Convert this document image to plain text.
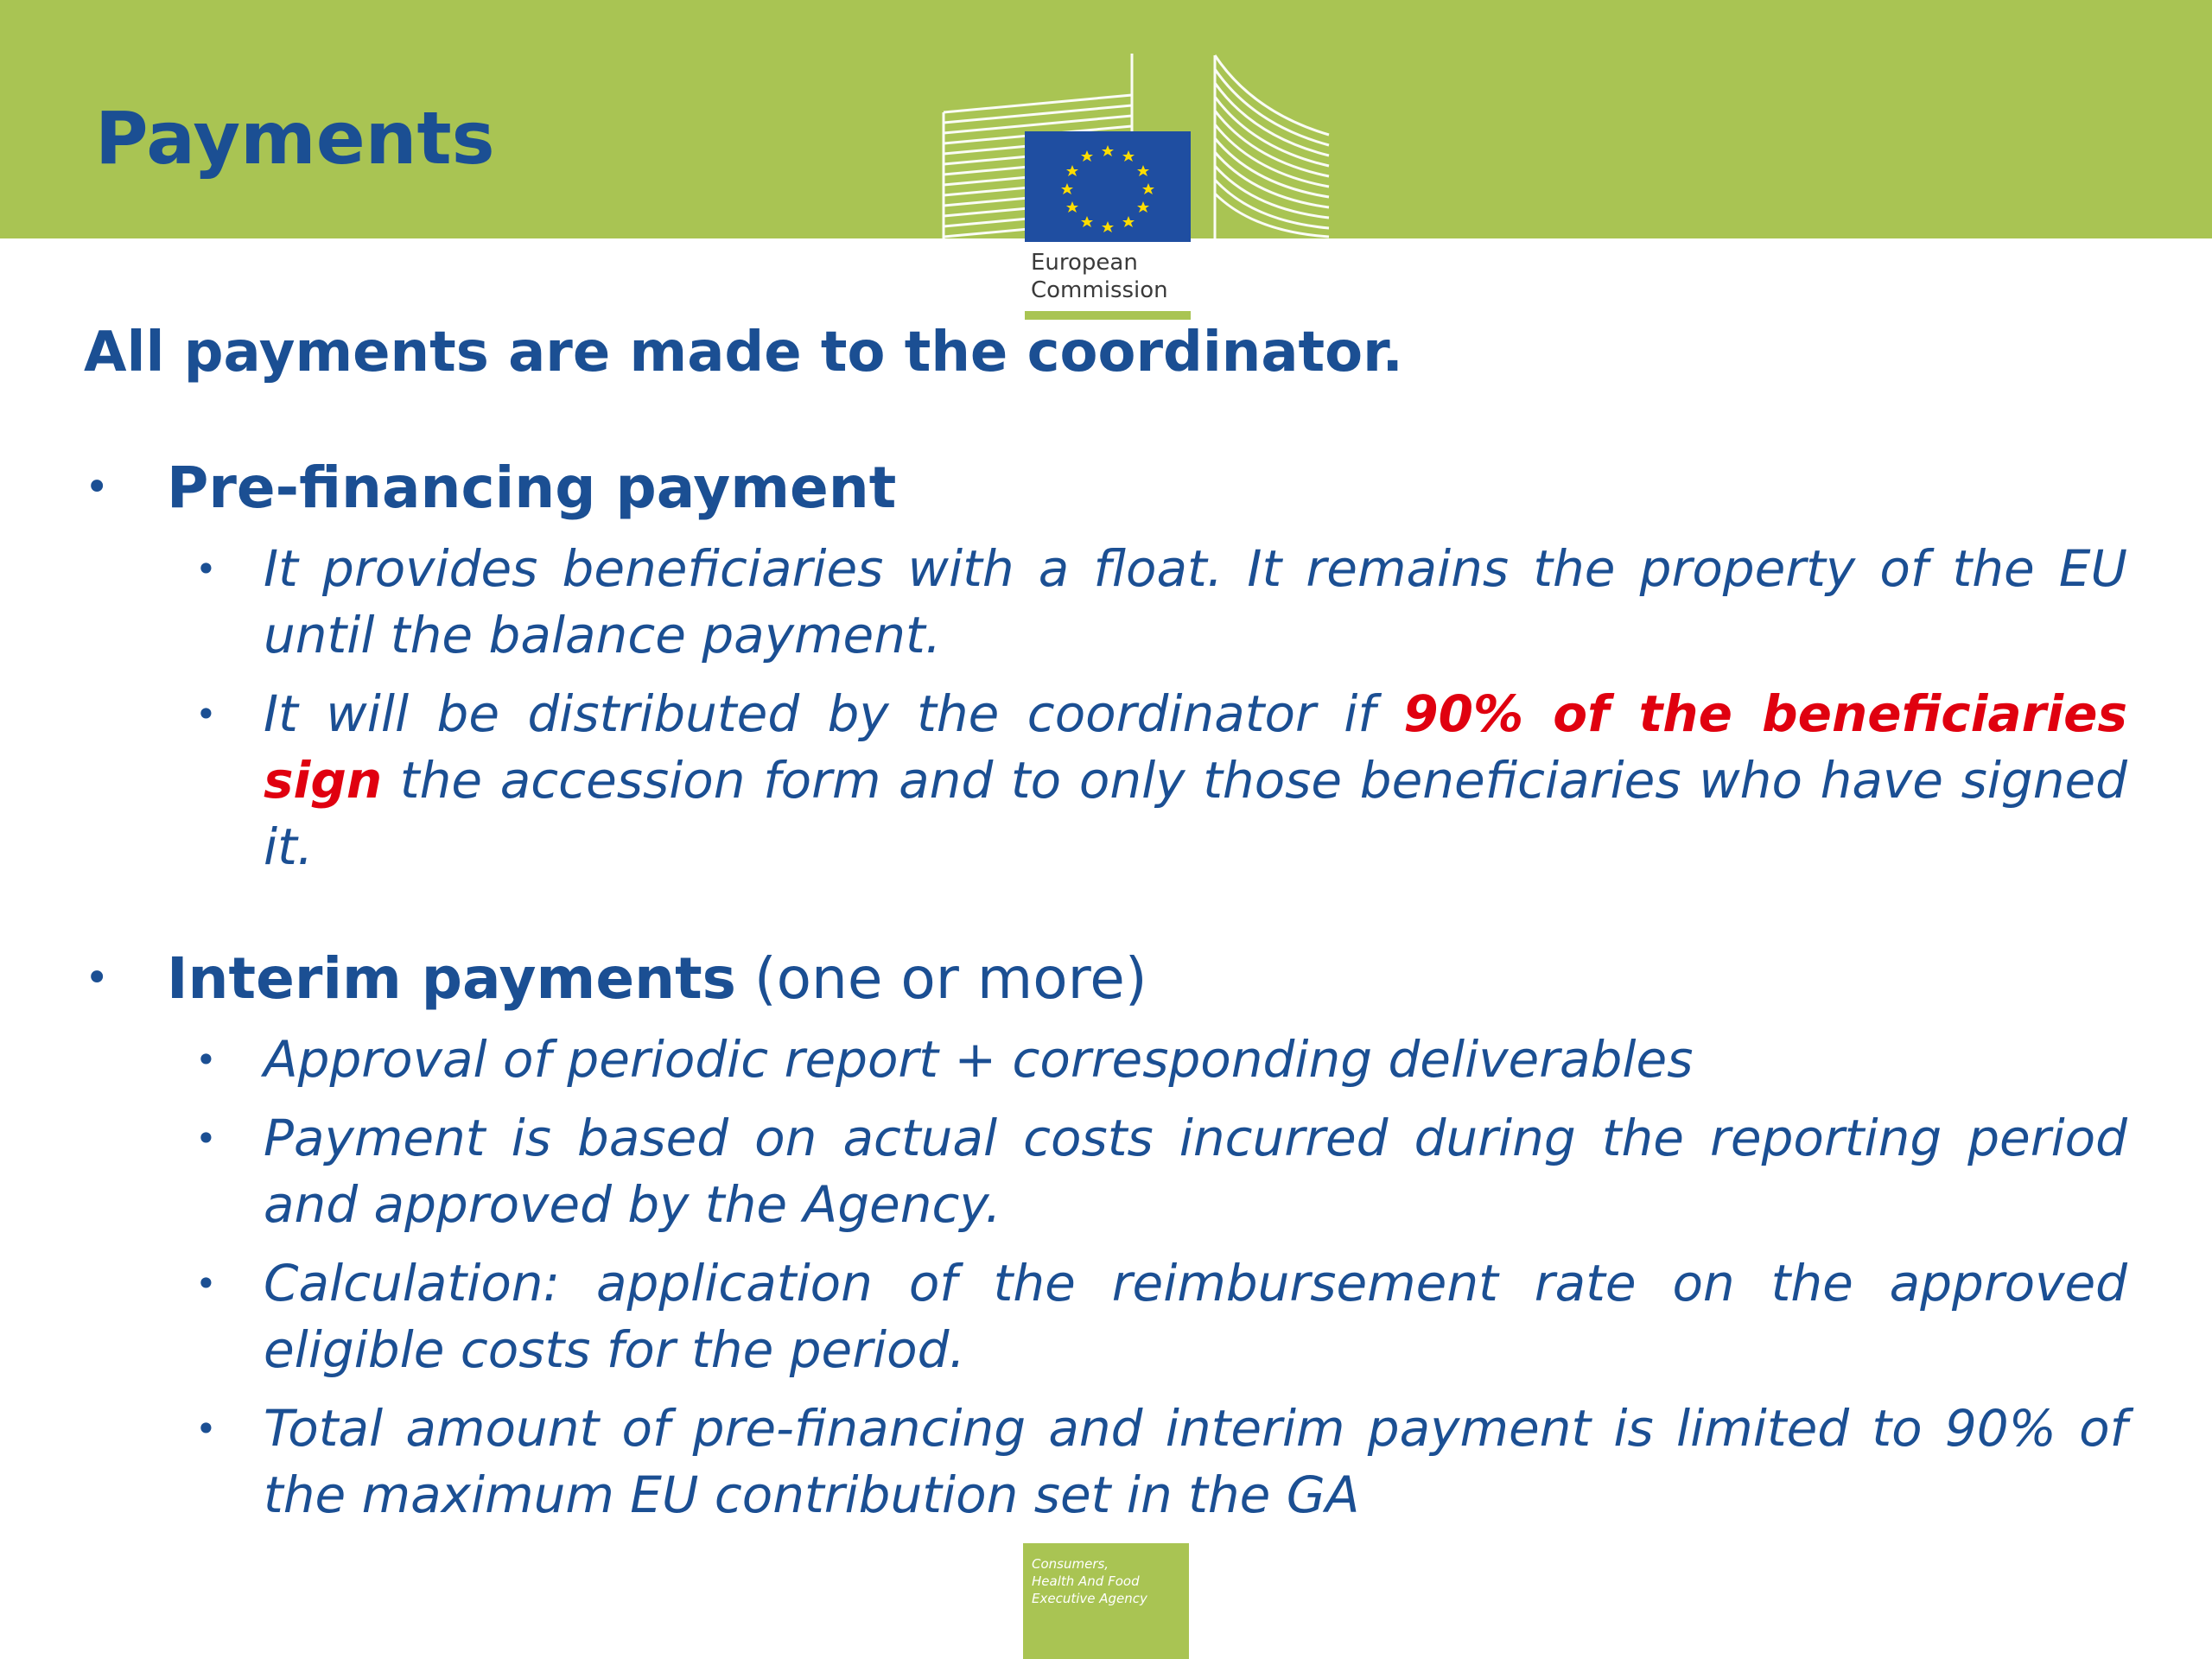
Payments
European
Commission

All payments are made to the coordinator.

• Pre-financing payment
• It provides beneficiaries with a float. It remains the property of the EU until the balance payment.
• It will be distributed by the coordinator if 90% of the beneficiaries sign the accession form and to only those beneficiaries who have signed it.
• Interim payments (one or more)
• Approval of periodic report + corresponding deliverables
• Payment is based on actual costs incurred during the reporting period and approved by the Agency.
• Calculation: application of the reimbursement rate on the approved eligible costs for the period.
• Total amount of pre-financing and interim payment is limited to 90% of the maximum EU contribution set in the GA
Consumers,
Health And Food
Executive Agency
